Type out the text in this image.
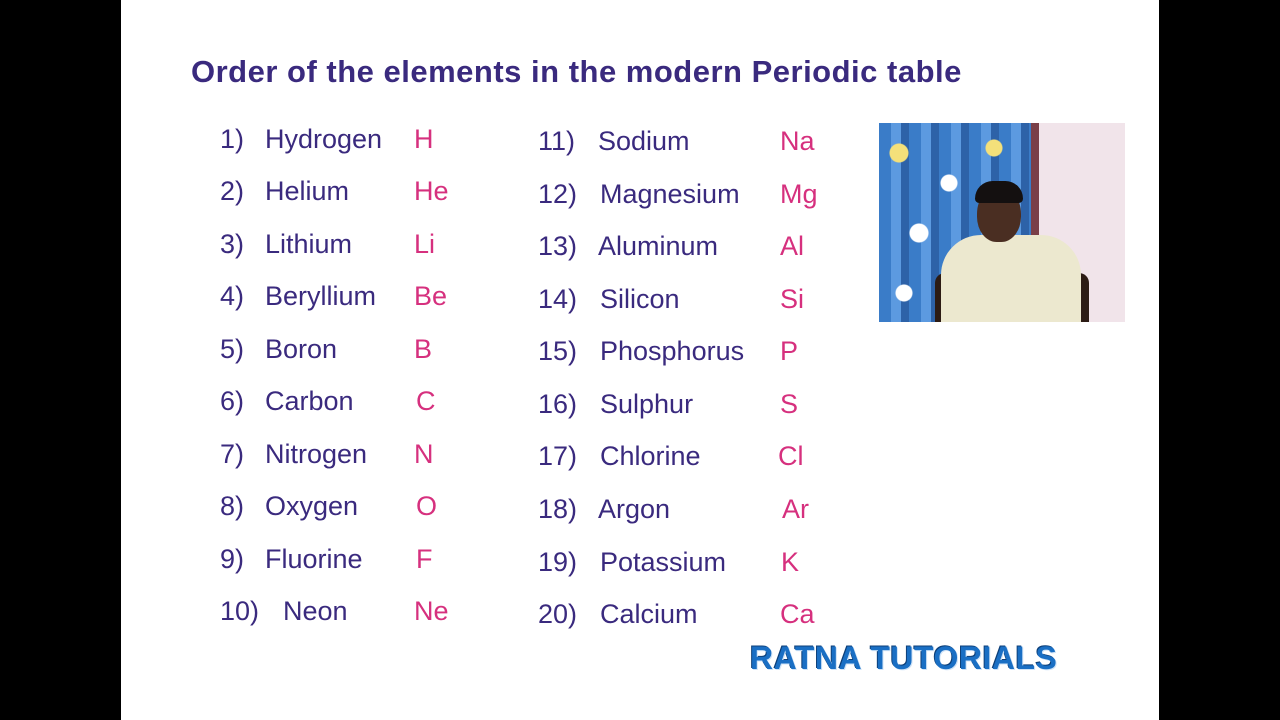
Order of the elements in the modern Periodic table
1) Hydrogen H
2) Helium He
3) Lithium Li
4) Beryllium Be
5) Boron	B
6) Carbon C
7) Nitrogen N
8) Oxygen O
9) Fluorine F
10) Neon Ne
11) Sodium	Na
12) Magnesium Mg
13) Aluminum Al
14) Silicon	Si
15) Phosphorus P
16) Sulphur	S
17) Chlorine	Cl
18) Argon	Ar
19) Potassium K
20) Calcium	Ca
RATNA TUTORIALS
